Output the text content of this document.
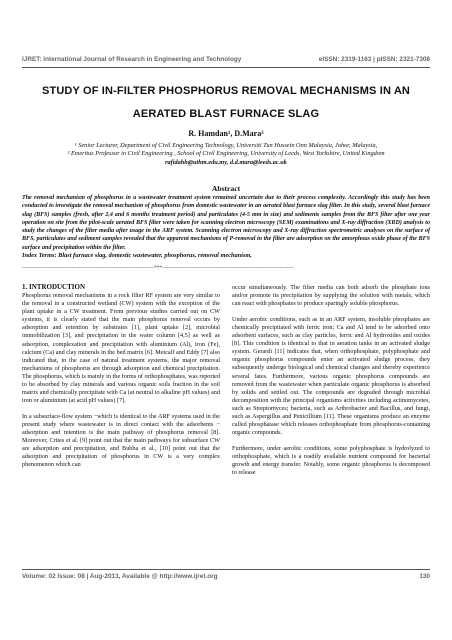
IJRET: International Journal of Research in Engineering and Technology	eISSN: 2319-1163 | pISSN: 2321-7308
STUDY OF IN-FILTER PHOSPHORUS REMOVAL MECHANISMS IN AN
AERATED BLAST FURNACE SLAG
R. Hamdan¹, D.Mara²
¹ Senior Lecturer, Department of Civil Engineering Technology, Universiti Tun Hussein Onn Malaysia, Johor, Malaysia,
² Emeritus Professor in Civil Engineering , School of Civil Engineering, University of Leeds, West Yorkshire, United Kingdom
rafidahh@uthm.edu.my, d.d.mara@leeds.ac.uk
Abstract
The removal mechanism of phosphorus in a wastewater treatment system remained uncertain due to their process complexity. Accordingly this study has been conducted to investigate the removal mechanism of phosphorus from domestic wastewater in an aerated blast furnace slag filter. In this study, several blast furnace slag (BFS) samples (fresh, after 2,4 and 6 months treatment period) and particulates (4-5 mm in size) and sediments samples from the BFS filter after one year operation on site from the pilot-scale aerated BFS filter were taken for scanning electron microscopy (SEM) examinations and X-ray diffraction (XRD) analysis to study the changes of the filter media after usage in the ARF system. Scanning electron microscopy and X-ray diffraction spectrometric analyses on the surface of BFS, particulates and sediment samples revealed that the apparent mechanisms of P-removal in the filter are adsorption on the amorphous oxide phase of the BFS surface and precipitation within the filter.
Index Terms: Blast furnace slag, domestic wastewater, phosphorus, removal mechanism,
------------------------------------------------------------------------***------------------------------------------------------------------------
1. INTRODUCTION

Phosphorus removal mechanisms in a rock filter RF system are very similar to the removal in a constructed wetland (CW) system with the exception of the plant uptake in a CW treatment. From previous studies carried out on CW systems, it is clearly stated that the main phosphorus removal occurs by adsorption and retention by substrates [1], plant uptake [2], microbial immobilization [3], and precipitation in the water column [4,5] as well as adsorption, complexation and precipitation with aluminium (Al), iron (Fe), calcium (Ca) and clay minerals in the bed matrix [6]. Metcalf and Eddy [7] also indicated that, in the case of natural treatment systems, the major removal mechanisms of phosphorus are through adsorption and chemical precipitation. The phosphorus, which is mainly in the forms of orthophosphates, was reported to be absorbed by clay minerals and various organic soils fraction in the soil matrix and chemically precipitate with Ca (at neutral to alkaline pH values) and iron or aluminium (at acid pH values) [7].

In a subsurface-flow system −which is identical to the ARF systems used in the present study where wastewater is in direct contact with the adsorbents − adsorption and retention is the main pathway of phosphorus removal [8]. Moreover, Crites et al. [9] point out that the main pathways for subsurface CW are adsorption and precipitation, and Bubba et al., [10] point out that the adsorption and precipitation of phosphorus in CW is a very complex phenomenon which can

occur simultaneously. The filter media can both adsorb the phosphate ions and/or promote its precipitation by supplying the solution with metals, which can react with phosphates to produce sparingly soluble phosphorus.

Under aerobic conditions, such as in an ARF system, insoluble phosphates are chemically precipitated with ferric iron; Ca and Al tend to be adsorbed onto adsorbent surfaces, such as clay particles, ferric and Al hydroxides and oxides [8]. This condition is identical to that in aeration tanks in an activated sludge system. Gerardi [11] indicates that, when orthophosphate, polyphosphate and organic phosphorus compounds enter an activated sludge process, they subsequently undergo biological and chemical changes and thereby experience several fates. Furthermore, various organic phosphorus compounds are removed from the wastewater when particulate organic phosphorus is absorbed by solids and settled out. The compounds are degraded through microbial decomposition with the principal organisms activities including actinomycetes, such as Streptomyces; bacteria, such as Arthrobacter and Bacillus, and fungi, such as Aspergillus and Penicillium [11]. These organisms produce an enzyme called phosphatase which releases orthophosphate from phosphorus-containing organic compounds.

Furthermore, under aerobic conditions, some polyphosphate is hydrolyzed to orthophosphate, which is a readily available nutrient compound for bacterial growth and energy transfer. Notably, some organic phosphorus is decomposed to release

Volume: 02 Issue: 08 | Aug-2013, Available @ http://www.ijret.org	130
